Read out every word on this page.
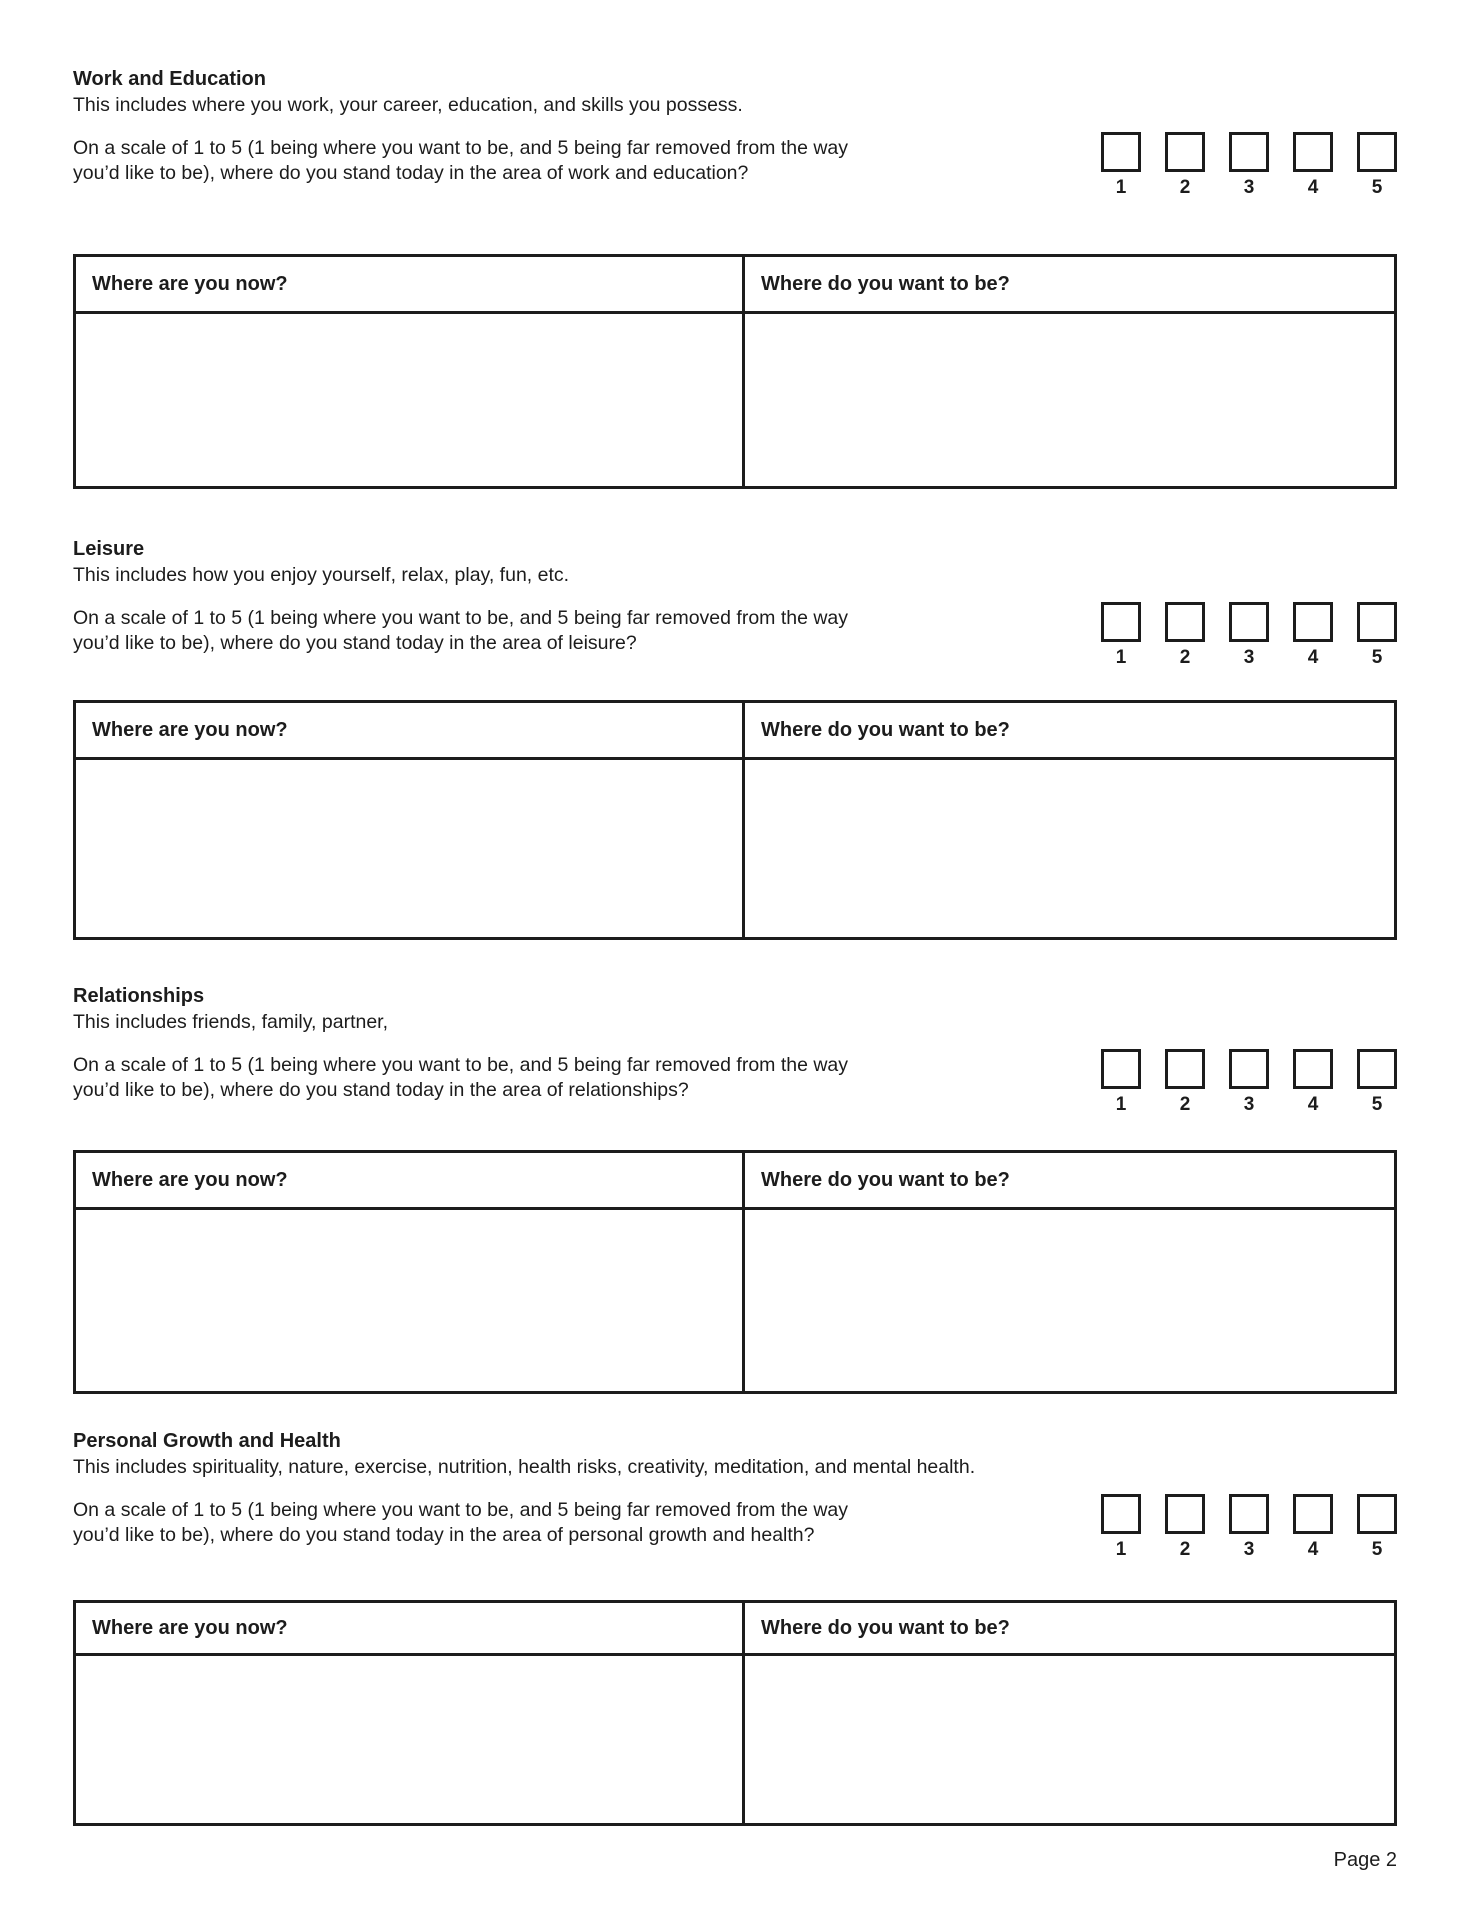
Work and Education

This includes where you work, your career, education, and skills you possess.

On a scale of 1 to 5 (1 being where you want to be, and 5 being far removed from the way
you’d like to be), where do you stand today in the area of work and education?
1	2	3	4	5
Where are you now?	Where do you want to be?
Leisure

This includes how you enjoy yourself, relax, play, fun, etc.

On a scale of 1 to 5 (1 being where you want to be, and 5 being far removed from the way
you’d like to be), where do you stand today in the area of leisure?
1	2	3	4	5
Where are you now?	Where do you want to be?
Relationships

This includes friends, family, partner,

On a scale of 1 to 5 (1 being where you want to be, and 5 being far removed from the way
you’d like to be), where do you stand today in the area of relationships?
1	2	3	4	5
Where are you now?	Where do you want to be?
Personal Growth and Health

This includes spirituality, nature, exercise, nutrition, health risks, creativity, meditation, and mental health.

On a scale of 1 to 5 (1 being where you want to be, and 5 being far removed from the way
you’d like to be), where do you stand today in the area of personal growth and health?
1	2	3	4	5
Where are you now?	Where do you want to be?
Page 2
